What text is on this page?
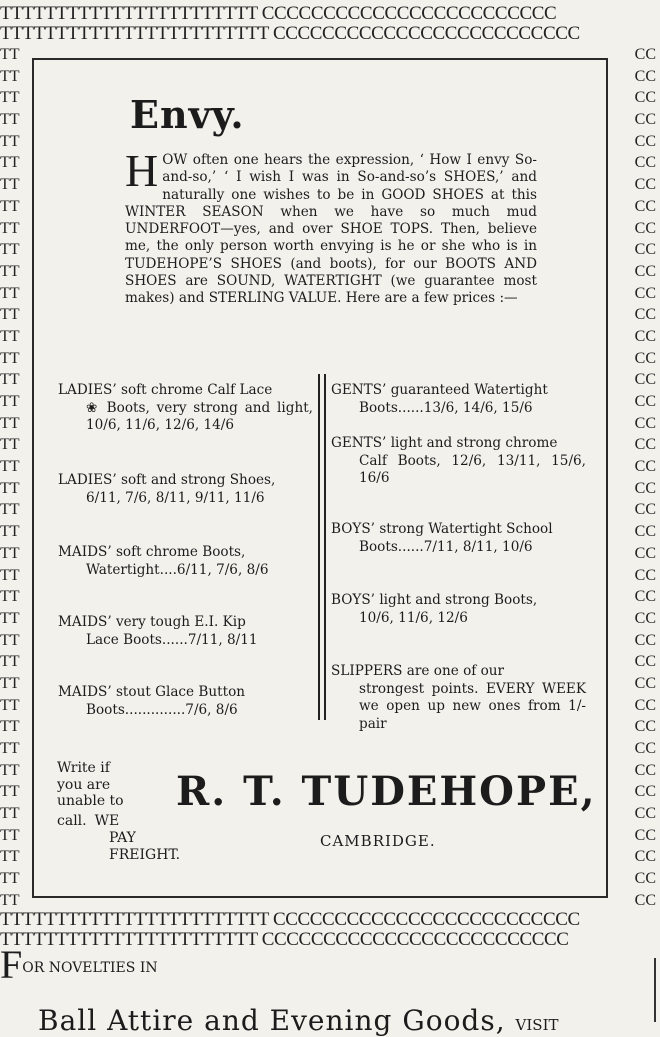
TTTTTTTTTTTTTTTTTTTTTTT CCCCCCCCCCCCCCCCCCCCCCCC
TTTTTTTTTTTTTTTTTTTTTTTT CCCCCCCCCCCCCCCCCCCCCCCCC
TT
TT
TT
TT
TT
TT
TT
TT
TT
TT
TT
TT
TT
TT
TT
TT
TT
TT
TT
TT
TT
TT
TT
TT
TT
TT
TT
TT
TT
TT
TT
TT
TT
TT
TT
TT
TT
TT
TT
TT
CC
CC
CC
CC
CC
CC
CC
CC
CC
CC
CC
CC
CC
CC
CC
CC
CC
CC
CC
CC
CC
CC
CC
CC
CC
CC
CC
CC
CC
CC
CC
CC
CC
CC
CC
CC
CC
CC
CC
CC
TTTTTTTTTTTTTTTTTTTTTTTT CCCCCCCCCCCCCCCCCCCCCCCCC
TTTTTTTTTTTTTTTTTTTTTTT CCCCCCCCCCCCCCCCCCCCCCCCC
Envy.
HOW often one hears the expression, ‘ How I envy So-and-so,’ ‘ I wish I was in So-and-so’s SHOES,’ and naturally one wishes to be in GOOD SHOES at this WINTER SEASON when we have so much mud UNDERFOOT—yes, and over SHOE TOPS. Then, believe me, the only person worth envying is he or she who is in TUDEHOPE’S SHOES (and boots), for our BOOTS AND SHOES are SOUND, WATERTIGHT (we guarantee most makes) and STERLING VALUE. Here are a few prices :—
LADIES’ soft chrome Calf Lace
❀ Boots, very strong and light, 10/6, 11/6, 12/6, 14/6
LADIES’ soft and strong Shoes,
6/11, 7/6, 8/11, 9/11, 11/6
MAIDS’ soft chrome Boots,
Watertight....6/11, 7/6, 8/6
MAIDS’ very tough E.I. Kip
Lace Boots......7/11, 8/11
MAIDS’ stout Glace Button
Boots..............7/6, 8/6
GENTS’ guaranteed Watertight
Boots......13/6, 14/6, 15/6
GENTS’ light and strong chrome
Calf Boots, 12/6, 13/11, 15/6, 16/6
BOYS’ strong Watertight School
Boots......7/11, 8/11, 10/6
BOYS’ light and strong Boots,
10/6, 11/6, 12/6
SLIPPERS are one of our
strongest points. EVERY WEEK we open up new ones from 1/- pair
Write if
you are
unable to
call. WE
PAY
FREIGHT.
R. T. TUDEHOPE,
CAMBRIDGE.
FOR NOVELTIES IN
Ball Attire and Evening Goods, VISIT
